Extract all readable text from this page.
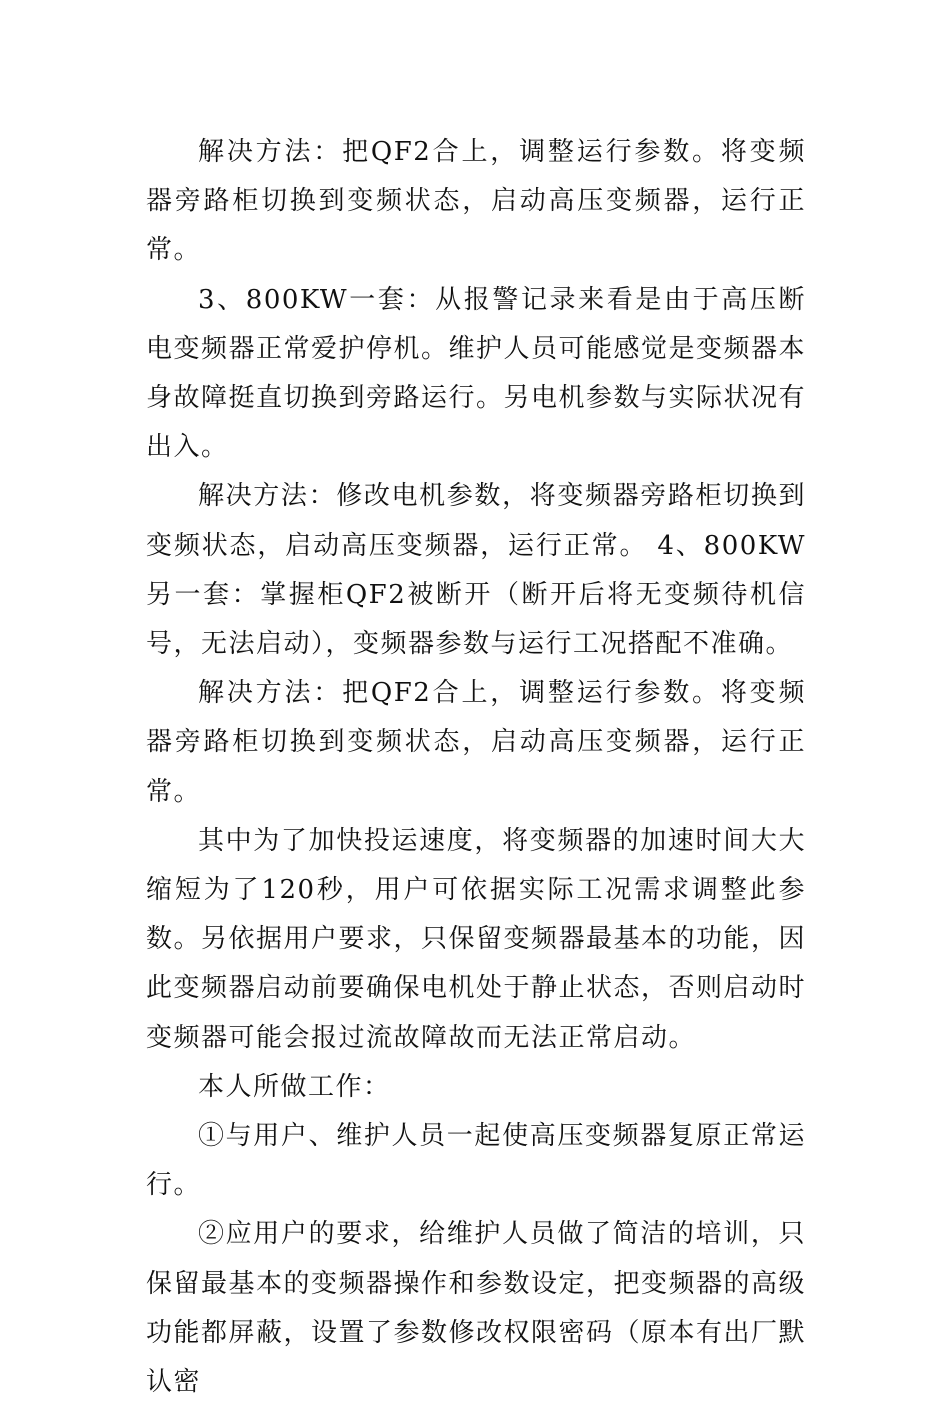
解决方法：把QF2合上，调整运行参数。将变频器旁路柜切换到变频状态，启动高压变频器，运行正常。

3、800KW一套：从报警记录来看是由于高压断电变频器正常爱护停机。维护人员可能感觉是变频器本身故障挺直切换到旁路运行。另电机参数与实际状况有出入。

解决方法：修改电机参数，将变频器旁路柜切换到变频状态，启动高压变频器，运行正常。 4、800KW另一套：掌握柜QF2被断开（断开后将无变频待机信号，无法启动），变频器参数与运行工况搭配不准确。

解决方法：把QF2合上，调整运行参数。将变频器旁路柜切换到变频状态，启动高压变频器，运行正常。

其中为了加快投运速度，将变频器的加速时间大大缩短为了120秒，用户可依据实际工况需求调整此参数。另依据用户要求，只保留变频器最基本的功能，因此变频器启动前要确保电机处于静止状态，否则启动时变频器可能会报过流故障故而无法正常启动。

本人所做工作：

①与用户、维护人员一起使高压变频器复原正常运行。

②应用户的要求，给维护人员做了简洁的培训，只保留最基本的变频器操作和参数设定，把变频器的高级功能都屏蔽，设置了参数修改权限密码（原本有出厂默认密
